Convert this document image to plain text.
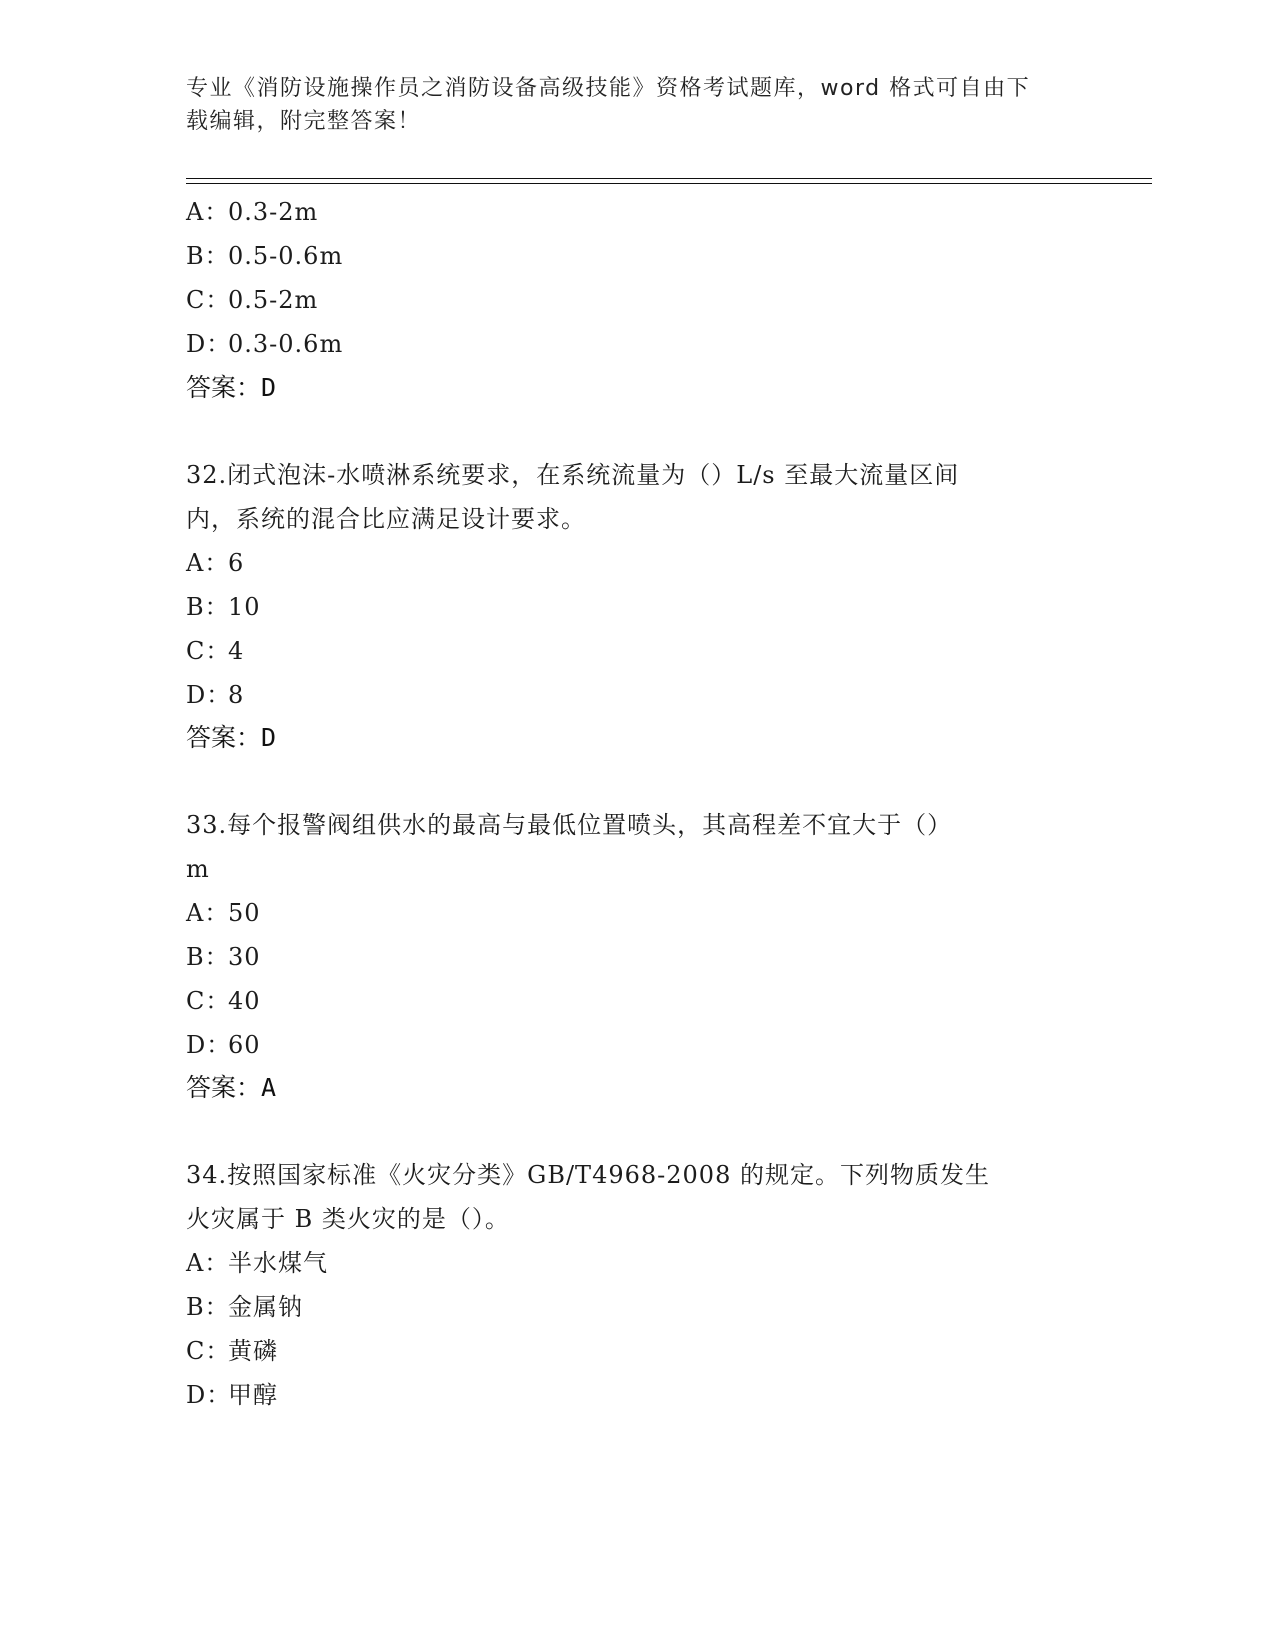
专业《消防设施操作员之消防设备高级技能》资格考试题库，word 格式可自由下
载编辑，附完整答案！
A：0.3-2m
B：0.5-0.6m
C：0.5-2m
D：0.3-0.6m
答案：D
32.闭式泡沫-水喷淋系统要求，在系统流量为（）L/s 至最大流量区间
内，系统的混合比应满足设计要求。
A：6
B：10
C：4
D：8
答案：D
33.每个报警阀组供水的最高与最低位置喷头，其高程差不宜大于（）
m
A：50
B：30
C：40
D：60
答案：A
34.按照国家标准《火灾分类》GB/T4968-2008 的规定。下列物质发生
火灾属于 B 类火灾的是（）。
A：半水煤气
B：金属钠
C：黄磷
D：甲醇
